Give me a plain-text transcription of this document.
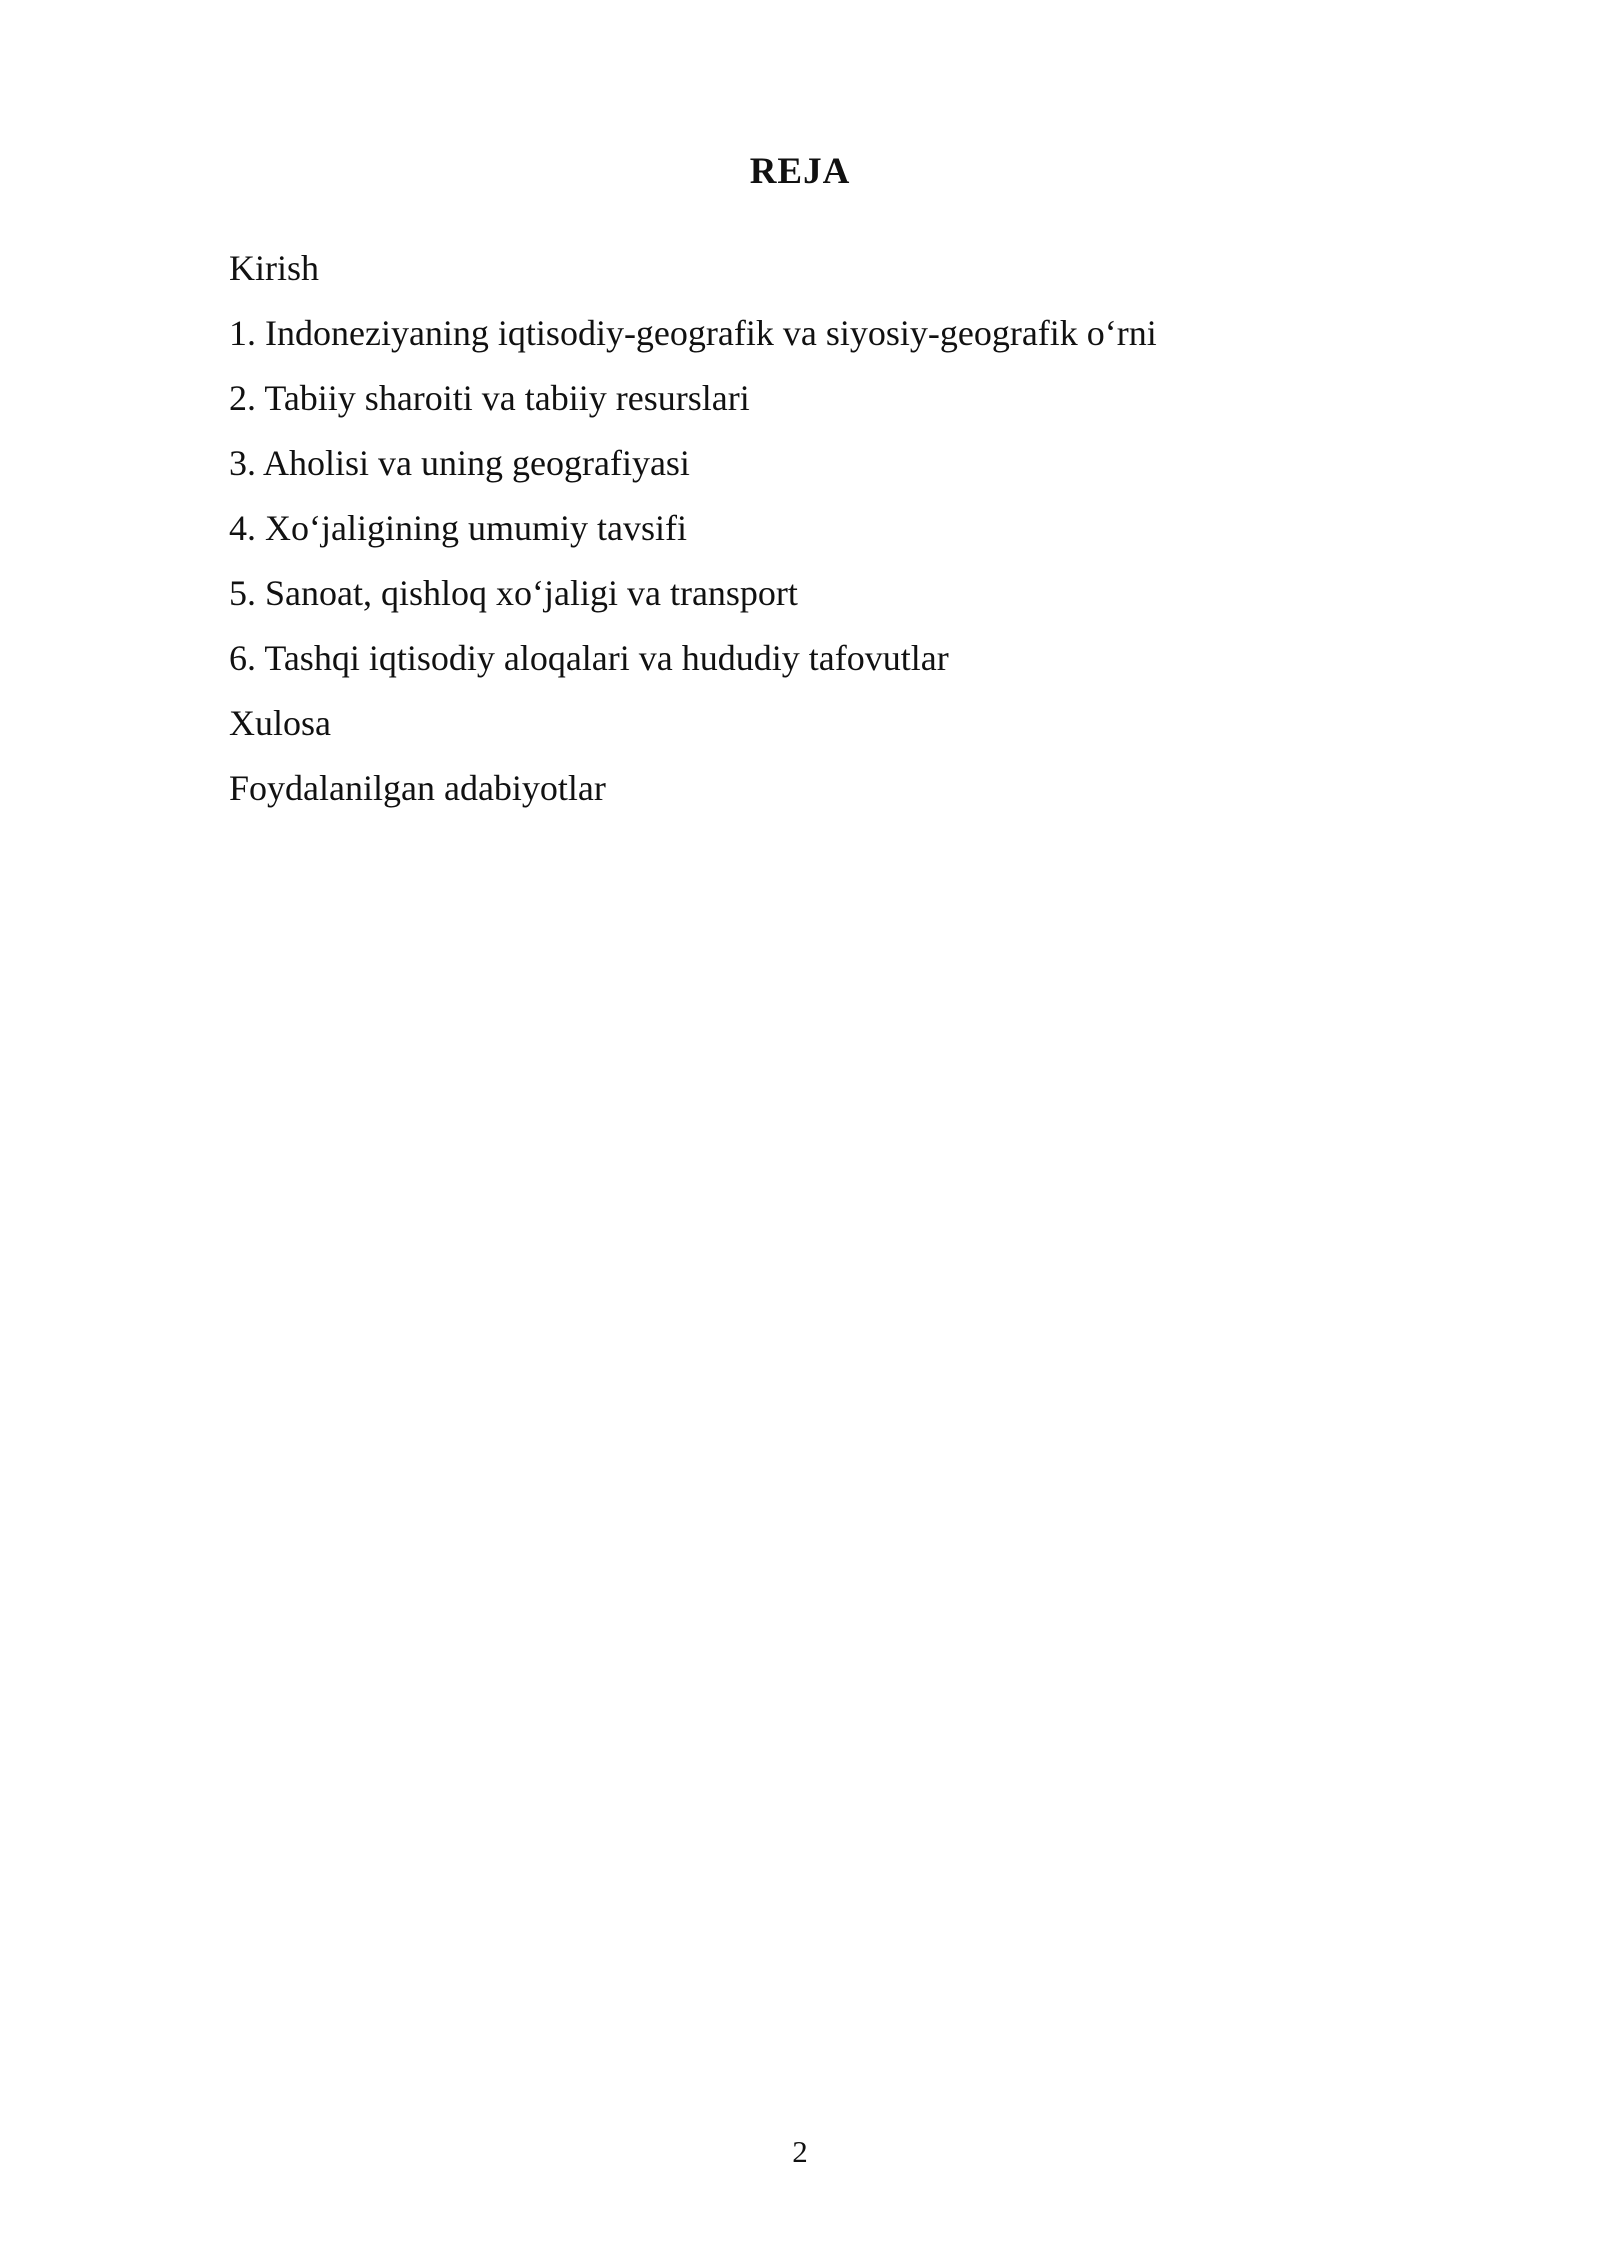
REJA
Kirish
1. Indoneziyaning iqtisodiy-geografik va siyosiy-geografik o‘rni
2. Tabiiy sharoiti va tabiiy resurslari
3. Aholisi va uning geografiyasi
4. Xo‘jaligining umumiy tavsifi
5. Sanoat, qishloq xo‘jaligi va transport
6. Tashqi iqtisodiy aloqalari va hududiy tafovutlar
Xulosa
Foydalanilgan adabiyotlar
2
